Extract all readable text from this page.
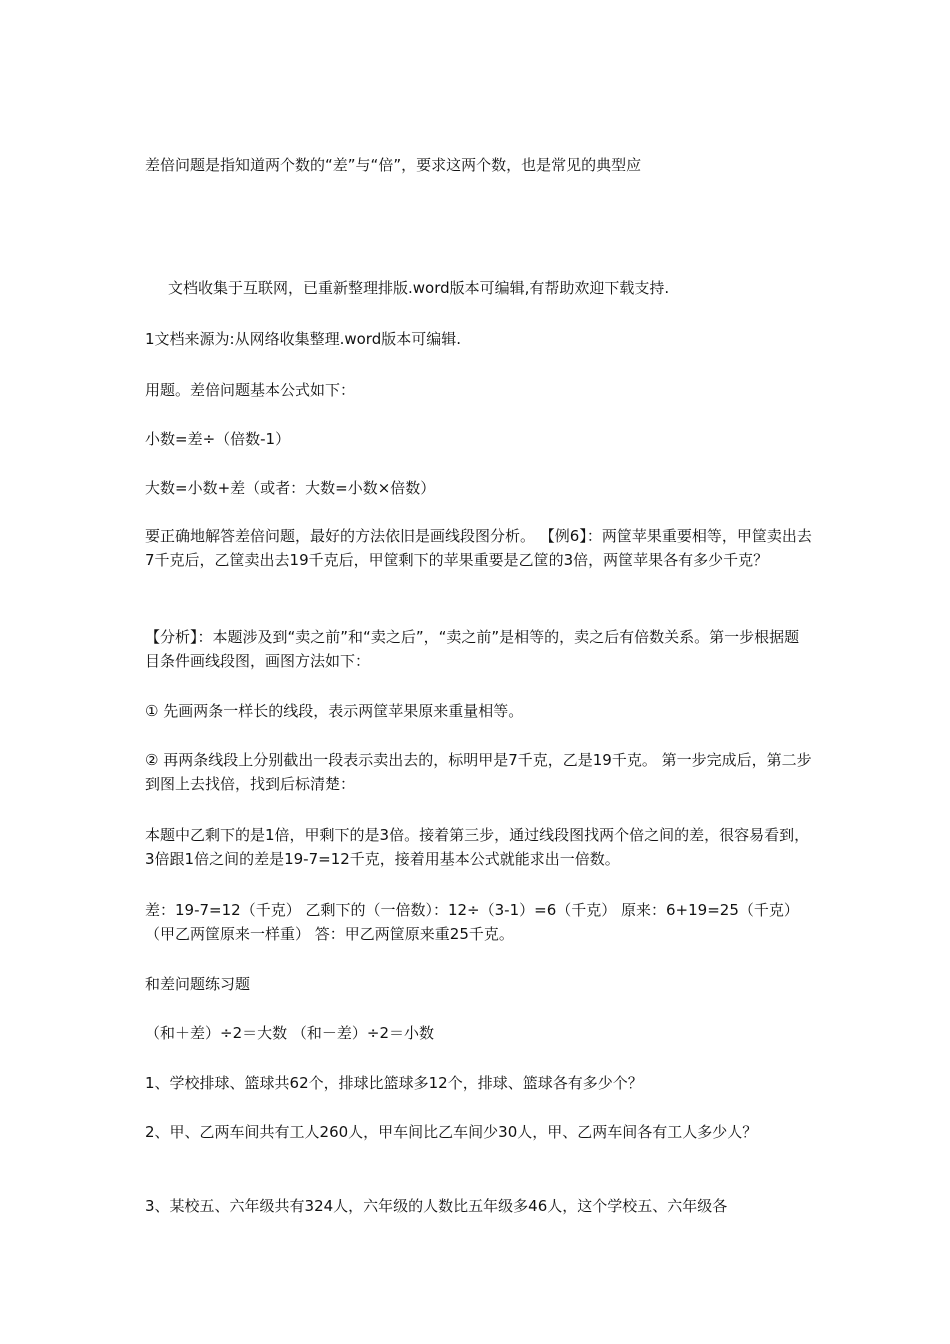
差倍问题是指知道两个数的“差”与“倍”，要求这两个数，也是常见的典型应
文档收集于互联网，已重新整理排版.word版本可编辑,有帮助欢迎下载支持.
1文档来源为:从网络收集整理.word版本可编辑.
用题。差倍问题基本公式如下：
小数=差÷（倍数-1）
大数=小数+差（或者：大数=小数×倍数）
要正确地解答差倍问题，最好的方法依旧是画线段图分析。 【例6】：两筐苹果重要相等，甲筐卖出去7千克后，乙筐卖出去19千克后，甲筐剩下的苹果重要是乙筐的3倍，两筐苹果各有多少千克？
【分析】：本题涉及到“卖之前”和“卖之后”，“卖之前”是相等的，卖之后有倍数关系。第一步根据题目条件画线段图，画图方法如下：
① 先画两条一样长的线段，表示两筐苹果原来重量相等。
② 再两条线段上分别截出一段表示卖出去的，标明甲是7千克，乙是19千克。 第一步完成后，第二步到图上去找倍，找到后标清楚：
本题中乙剩下的是1倍，甲剩下的是3倍。接着第三步，通过线段图找两个倍之间的差，很容易看到，3倍跟1倍之间的差是19-7=12千克，接着用基本公式就能求出一倍数。
差：19-7=12（千克） 乙剩下的（一倍数）：12÷（3-1）=6（千克） 原来：6+19=25（千克）（甲乙两筐原来一样重） 答：甲乙两筐原来重25千克。
和差问题练习题
（和＋差）÷2＝大数 （和－差）÷2＝小数
1、学校排球、篮球共62个，排球比篮球多12个，排球、篮球各有多少个？
2、甲、乙两车间共有工人260人，甲车间比乙车间少30人，甲、乙两车间各有工人多少人？
3、某校五、六年级共有324人，六年级的人数比五年级多46人，这个学校五、六年级各
